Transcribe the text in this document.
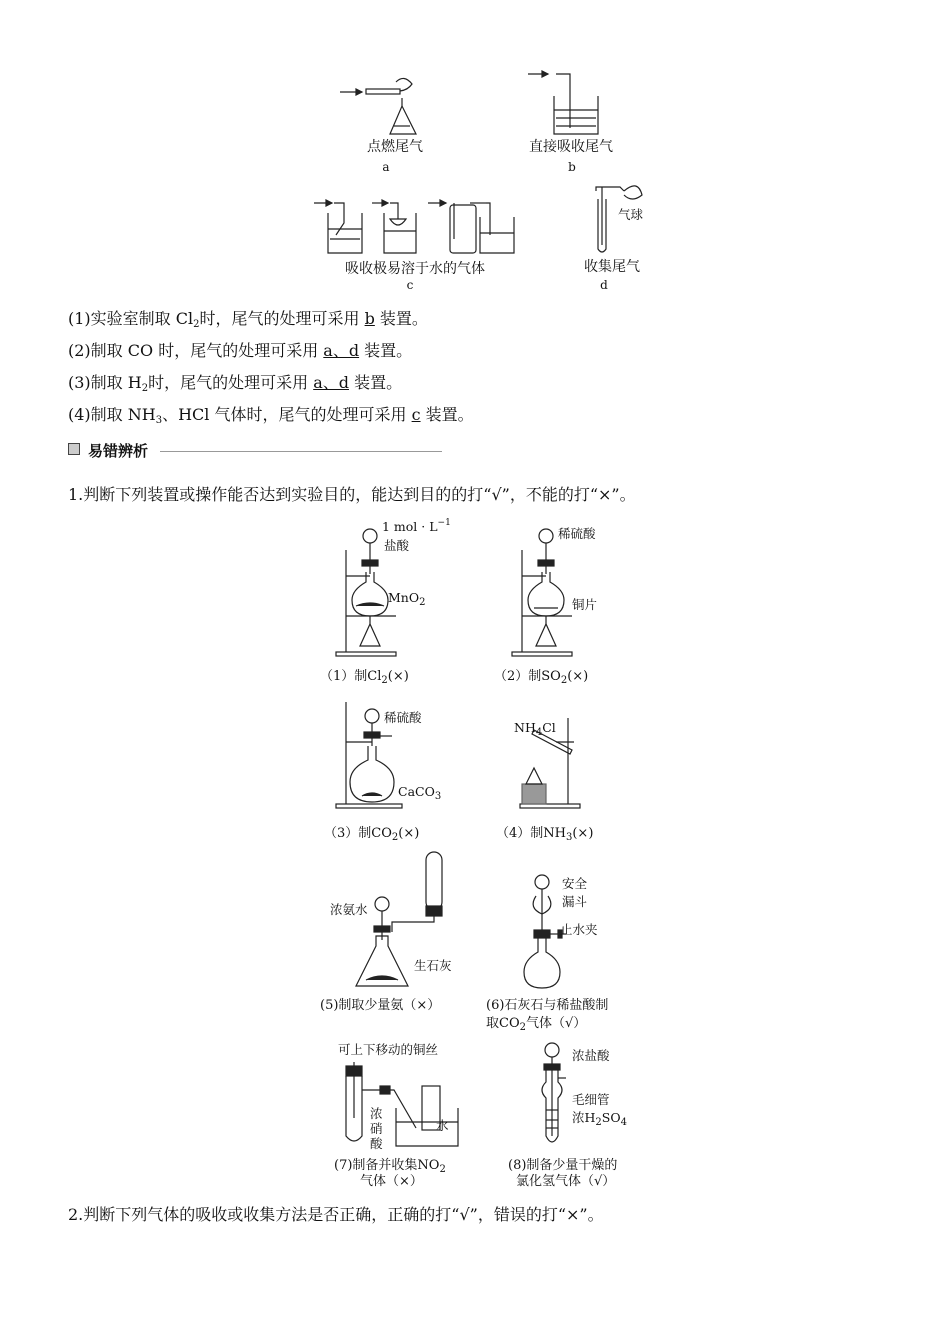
点燃尾气
a
直接吸收尾气
b
吸收极易溶于水的气体
c
气球
收集尾气
d
(1)实验室制取 $Cl_2$时，尾气的处理可采用 b 装置。
(2)制取 CO 时，尾气的处理可采用 a、d 装置。
(3)制取 $H_2$时，尾气的处理可采用 a、d 装置。
(4)制取 $NH_3$、HCl 气体时，尾气的处理可采用 c 装置。
易错辨析
1.判断下列装置或操作能否达到实验目的，能达到目的的打“√”，不能的打“×”。
1 mol · $L^{-1}$
盐酸
MnO$_2$
（1）制$Cl_2(\times)$
稀硫酸
铜片
（2）制$SO_2(\times)$
稀硫酸
CaCO$_3$
（3）制$CO_2(\times)$
$NH_4Cl$
（4）制$NH_3(\times)$
浓氨水
生石灰
(5)制取少量氨（×）
安全
漏斗
止水夹
(6)石灰石与稀盐酸制
取$CO_2$气体（√）
可上下移动的铜丝
浓
硝
酸
水
(7)制备并收集$NO_2$
气体（×）
浓盐酸
毛细管
浓$H_2SO_4$
(8)制备少量干燥的
氯化氢气体（√）
2.判断下列气体的吸收或收集方法是否正确，正确的打“√”，错误的打“×”。
